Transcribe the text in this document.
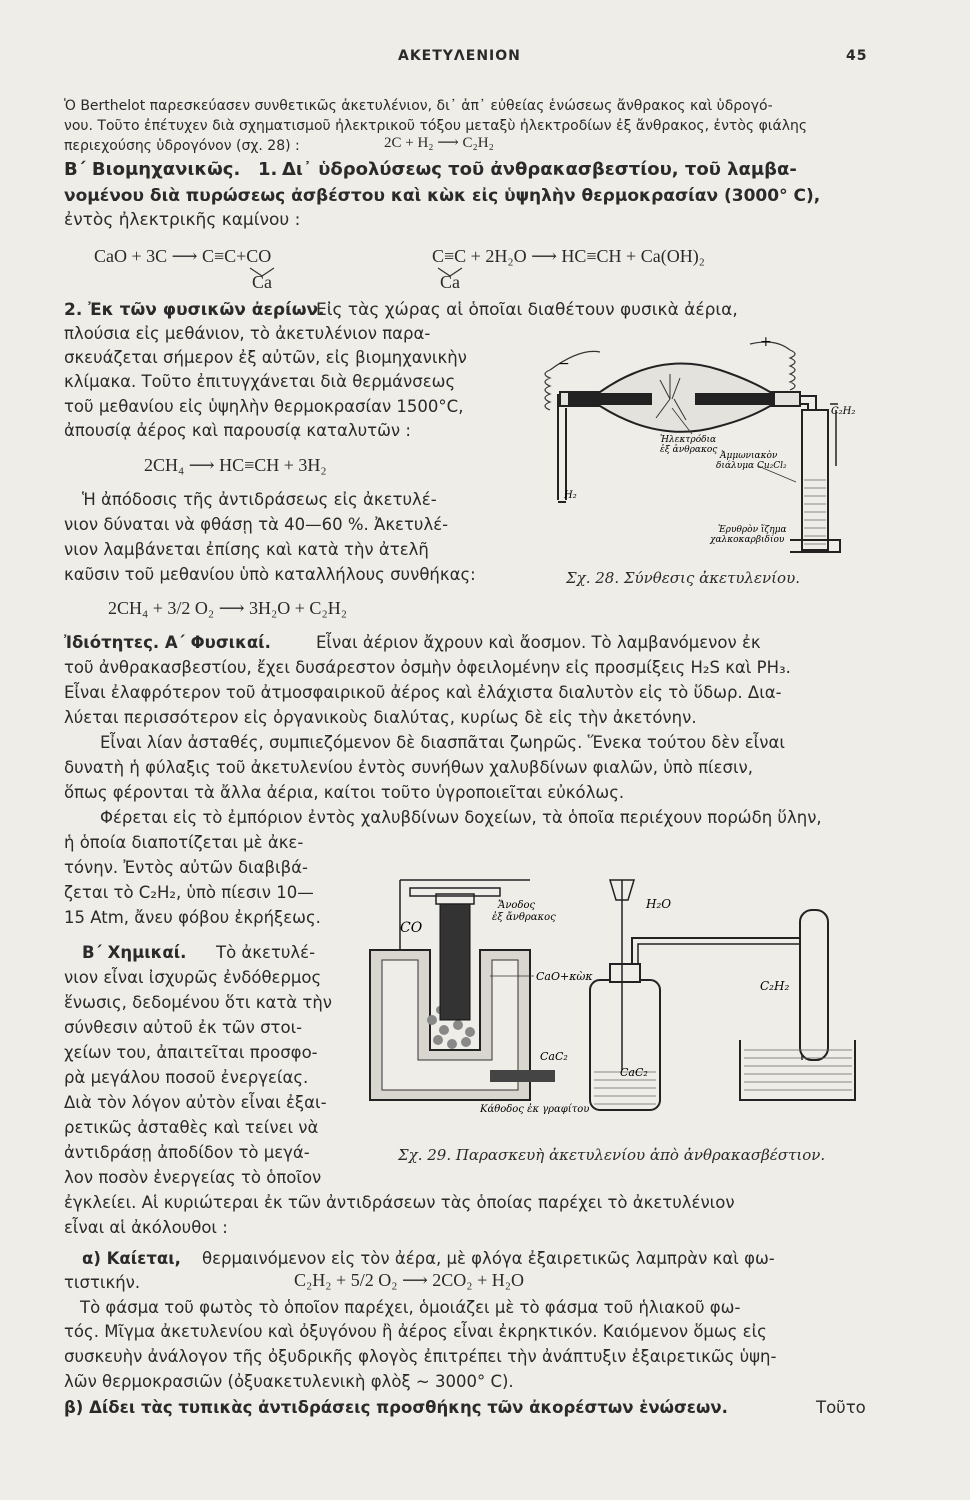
ΑΚΕΤΥΛΕΝΙΟΝ	45
Ὁ Berthelot παρεσκεύασεν συνθετικῶς ἀκετυλένιον, δι᾽ ἀπ᾽ εὐθείας ἑνώσεως ἄνθρακος καὶ ὑδρογό-
νου. Τοῦτο ἐπέτυχεν διὰ σχηματισμοῦ ἠλεκτρικοῦ τόξου μεταξὺ ἠλεκτροδίων ἐξ ἄνθρακος, ἐντὸς φιάλης
περιεχούσης ὑδρογόνον (σχ. 28) :	2C + H₂ ⟶ C₂H₂
Β΄ Βιομηχανικῶς. 1. Δι᾽ ὑδρολύσεως τοῦ ἀνθρακασβεστίου, τοῦ λαμβα-
νομένου διὰ πυρώσεως ἀσβέστου καὶ κὼκ εἰς ὑψηλὴν θερμοκρασίαν (3000° C),
ἐντὸς ἠλεκτρικῆς καμίνου :
CaO + 3C ⟶ C≡C+CO
Ca
C≡C + 2H₂O ⟶ HC≡CH + Ca(OH)₂
Ca
2. Ἐκ τῶν φυσικῶν ἀερίων.
Εἰς τὰς χώρας αἱ ὁποῖαι διαθέτουν φυσικὰ ἀέρια,
πλούσια εἰς μεθάνιον, τὸ ἀκετυλένιον παρα-
σκευάζεται σήμερον ἐξ αὐτῶν, εἰς βιομηχανικὴν
κλίμακα. Τοῦτο ἐπιτυγχάνεται διὰ θερμάνσεως
τοῦ μεθανίου εἰς ὑψηλὴν θερμοκρασίαν 1500°C,
ἀπουσίᾳ ἀέρος καὶ παρουσίᾳ καταλυτῶν :
2CH₄ ⟶ HC≡CH + 3H₂
Ἡ ἀπόδοσις τῆς ἀντιδράσεως εἰς ἀκετυλέ-
νιον δύναται νὰ φθάσῃ τὰ 40—60 %. Ἀκετυλέ-
νιον λαμβάνεται ἐπίσης καὶ κατὰ τὴν ἀτελῆ
καῦσιν τοῦ μεθανίου ὑπὸ καταλλήλους συνθήκας:
2CH₄ + 3/2 O₂ ⟶ 3H₂O + C₂H₂
−
+
C₂H₂
Ἠλεκτρόδια
ἐξ ἀνθρακος
Ἀμμωνιακὸν
διάλυμα Cu₂Cl₂
H₂
Ἐρυθρὸν ἵζημα
χαλκοκαρβιδίου
Σχ. 28. Σύνθεσις ἀκετυλενίου.
Ἰδιότητες. Α΄ Φυσικαί.	Εἶναι ἀέριον ἄχρουν καὶ ἄοσμον. Τὸ λαμβανόμενον ἐκ
τοῦ ἀνθρακασβεστίου, ἔχει δυσάρεστον ὀσμὴν ὀφειλομένην εἰς προσμίξεις H₂S καὶ PH₃.
Εἶναι ἐλαφρότερον τοῦ ἀτμοσφαιρικοῦ ἀέρος καὶ ἐλάχιστα διαλυτὸν εἰς τὸ ὕδωρ. Δια-
λύεται περισσότερον εἰς ὀργανικοὺς διαλύτας, κυρίως δὲ εἰς τὴν ἀκετόνην.
Εἶναι λίαν ἀσταθές, συμπιεζόμενον δὲ διασπᾶται ζωηρῶς. Ἕνεκα τούτου δὲν εἶναι
δυνατὴ ἡ φύλαξις τοῦ ἀκετυλενίου ἐντὸς συνήθων χαλυβδίνων φιαλῶν, ὑπὸ πίεσιν,
ὅπως φέρονται τὰ ἄλλα ἀέρια, καίτοι τοῦτο ὑγροποιεῖται εὐκόλως.
Φέρεται εἰς τὸ ἐμπόριον ἐντὸς χαλυβδίνων δοχείων, τὰ ὁποῖα περιέχουν πορώδη ὕλην,
ἡ ὁποία διαποτίζεται μὲ ἀκε-
τόνην. Ἐντὸς αὐτῶν διαβιβά-
ζεται τὸ C₂H₂, ὑπὸ πίεσιν 10—
15 Atm, ἄνευ φόβου ἐκρήξεως.
Β΄ Χημικαί. Τὸ ἀκετυλέ-
νιον εἶναι ἰσχυρῶς ἐνδόθερμος
ἕνωσις, δεδομένου ὅτι κατὰ τὴν
σύνθεσιν αὐτοῦ ἐκ τῶν στοι-
χείων του, ἀπαιτεῖται προσφο-
ρὰ μεγάλου ποσοῦ ἐνεργείας.
Διὰ τὸν λόγον αὐτὸν εἶναι ἐξαι-
ρετικῶς ἀσταθὲς καὶ τείνει νὰ
ἀντιδράσῃ ἀποδίδον τὸ μεγά-
λον ποσὸν ἐνεργείας τὸ ὁποῖον
ἐγκλείει. Αἱ κυριώτεραι ἐκ τῶν ἀντιδράσεων τὰς ὁποίας παρέχει τὸ ἀκετυλένιον
εἶναι αἱ ἀκόλουθοι :
CO
Ἄνοδος
ἐξ ἄνθρακος
CaO+κὼκ
CaC₂
CaC₂
Κάθοδος ἐκ γραφίτου
H₂O
C₂H₂
Σχ. 29. Παρασκευὴ ἀκετυλενίου ἀπὸ ἀνθρακασβέστιον.
α) Καίεται, θερμαινόμενον εἰς τὸν ἀέρα, μὲ φλόγα ἐξαιρετικῶς λαμπρὰν καὶ φω-
τιστικήν.	C₂H₂ + 5/2 O₂ ⟶ 2CO₂ + H₂O
Τὸ φάσμα τοῦ φωτὸς τὸ ὁποῖον παρέχει, ὁμοιάζει μὲ τὸ φάσμα τοῦ ἡλιακοῦ φω-
τός. Μῖγμα ἀκετυλενίου καὶ ὀξυγόνου ἢ ἀέρος εἶναι ἐκρηκτικόν. Καιόμενον ὅμως εἰς
συσκευὴν ἀνάλογον τῆς ὀξυδρικῆς φλογὸς ἐπιτρέπει τὴν ἀνάπτυξιν ἐξαιρετικῶς ὑψη-
λῶν θερμοκρασιῶν (ὀξυακετυλενικὴ φλὸξ ~ 3000° C).
β) Δίδει τὰς τυπικὰς ἀντιδράσεις προσθήκης τῶν ἀκορέστων ἑνώσεων.	Τοῦτο
